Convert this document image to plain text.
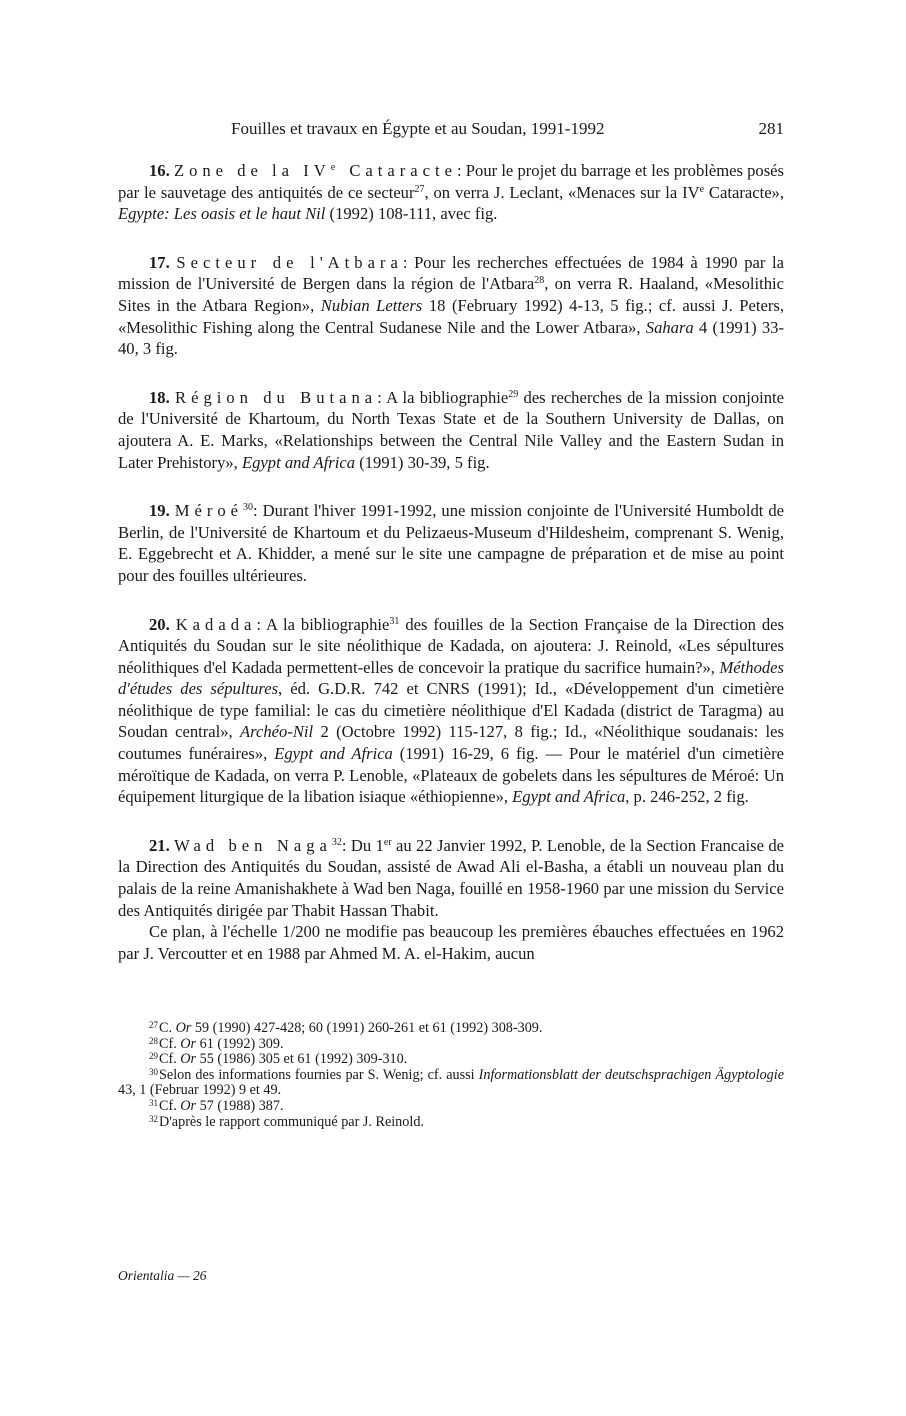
Fouilles et travaux en Égypte et au Soudan, 1991-1992	281

16. Zone de la IVe Cataracte: Pour le projet du barrage et les problèmes posés par le sauvetage des antiquités de ce secteur$^{27}$, on verra J. Leclant, «Menaces sur la IVe Cataracte», Egypte: Les oasis et le haut Nil (1992) 108-111, avec fig.

17. Secteur de l'Atbara: Pour les recherches effectuées de 1984 à 1990 par la mission de l'Université de Bergen dans la région de l'Atbara$^{28}$, on verra R. Haaland, «Mesolithic Sites in the Atbara Region», Nubian Letters 18 (February 1992) 4-13, 5 fig.; cf. aussi J. Peters, «Mesolithic Fishing along the Central Sudanese Nile and the Lower Atbara», Sahara 4 (1991) 33-40, 3 fig.

18. Région du Butana: A la bibliographie$^{29}$ des recherches de la mission conjointe de l'Université de Khartoum, du North Texas State et de la Southern University de Dallas, on ajoutera A. E. Marks, «Relationships between the Central Nile Valley and the Eastern Sudan in Later Prehistory», Egypt and Africa (1991) 30-39, 5 fig.

19. Méroé$^{30}$: Durant l'hiver 1991-1992, une mission conjointe de l'Université Humboldt de Berlin, de l'Université de Khartoum et du Pelizaeus-Museum d'Hildesheim, comprenant S. Wenig, E. Eggebrecht et A. Khidder, a mené sur le site une campagne de préparation et de mise au point pour des fouilles ultérieures.

20. Kadada: A la bibliographie$^{31}$ des fouilles de la Section Française de la Direction des Antiquités du Soudan sur le site néolithique de Kadada, on ajoutera: J. Reinold, «Les sépultures néolithiques d'el Kadada permettent-elles de concevoir la pratique du sacrifice humain?», Méthodes d'études des sépultures, éd. G.D.R. 742 et CNRS (1991); Id., «Développement d'un cimetière néolithique de type familial: le cas du cimetière néolithique d'El Kadada (district de Taragma) au Soudan central», Archéo-Nil 2 (Octobre 1992) 115-127, 8 fig.; Id., «Néolithique soudanais: les coutumes funéraires», Egypt and Africa (1991) 16-29, 6 fig. — Pour le matériel d'un cimetière méroïtique de Kadada, on verra P. Lenoble, «Plateaux de gobelets dans les sépultures de Méroé: Un équipement liturgique de la libation isiaque «éthiopienne», Egypt and Africa, p. 246-252, 2 fig.

21. Wad ben Naga$^{32}$: Du 1er au 22 Janvier 1992, P. Lenoble, de la Section Francaise de la Direction des Antiquités du Soudan, assisté de Awad Ali el-Basha, a établi un nouveau plan du palais de la reine Amanishakhete à Wad ben Naga, fouillé en 1958-1960 par une mission du Service des Antiquités dirigée par Thabit Hassan Thabit.

Ce plan, à l'échelle 1/200 ne modifie pas beaucoup les premières ébauches effectuées en 1962 par J. Vercoutter et en 1988 par Ahmed M. A. el-Hakim, aucun

$^{27}$C. Or 59 (1990) 427-428; 60 (1991) 260-261 et 61 (1992) 308-309.

$^{28}$Cf. Or 61 (1992) 309.

$^{29}$Cf. Or 55 (1986) 305 et 61 (1992) 309-310.

$^{30}$Selon des informations fournies par S. Wenig; cf. aussi Informationsblatt der deutschsprachigen Ägyptologie 43, 1 (Februar 1992) 9 et 49.

$^{31}$Cf. Or 57 (1988) 387.

$^{32}$D'après le rapport communiqué par J. Reinold.

Orientalia — 26
